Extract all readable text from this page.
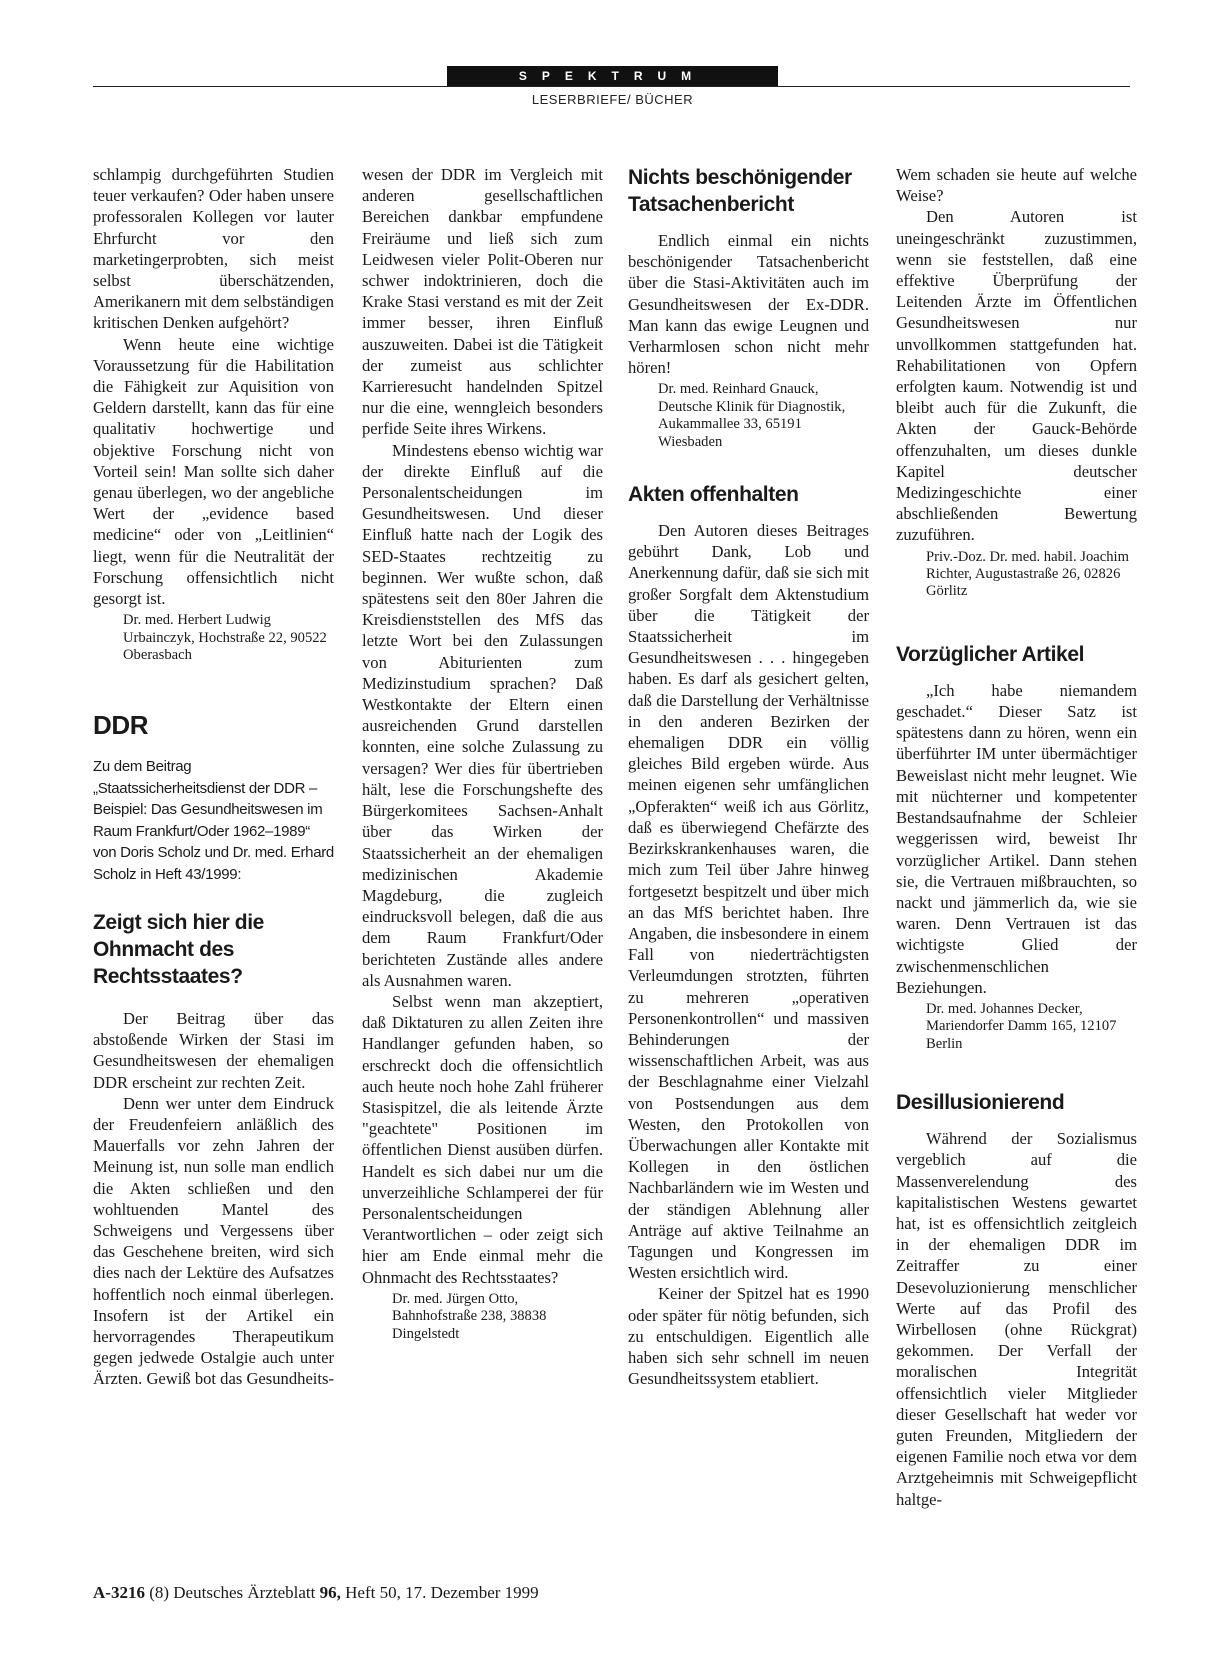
SPEKTRUM
LESERBRIEFE/ BÜCHER

schlampig durchgeführten Studien teuer verkaufen? Oder haben unsere professoralen Kollegen vor lauter Ehrfurcht vor den marketingerprobten, sich meist selbst überschätzenden, Amerikanern mit dem selbständigen kritischen Denken aufgehört?

Wenn heute eine wichtige Voraussetzung für die Habilitation die Fähigkeit zur Aquisition von Geldern darstellt, kann das für eine qualitativ hochwertige und objektive Forschung nicht von Vorteil sein! Man sollte sich daher genau überlegen, wo der angebliche Wert der „evidence based medicine“ oder von „Leitlinien“ liegt, wenn für die Neutralität der Forschung offensichtlich nicht gesorgt ist.

Dr. med. Herbert Ludwig Urbainczyk, Hochstraße 22, 90522 Oberasbach

DDR
Zu dem Beitrag „Staatssicherheitsdienst der DDR – Beispiel: Das Gesundheitswesen im Raum Frankfurt/Oder 1962–1989“ von Doris Scholz und Dr. med. Erhard Scholz in Heft 43/1999:
Zeigt sich hier die Ohnmacht des Rechtsstaates?

Der Beitrag über das abstoßende Wirken der Stasi im Gesundheitswesen der ehemaligen DDR erscheint zur rechten Zeit.

Denn wer unter dem Eindruck der Freudenfeiern anläßlich des Mauerfalls vor zehn Jahren der Meinung ist, nun solle man endlich die Akten schließen und den wohltuenden Mantel des Schweigens und Vergessens über das Geschehene breiten, wird sich dies nach der Lektüre des Aufsatzes hoffentlich noch einmal überlegen. Insofern ist der Artikel ein hervorragendes Therapeutikum gegen jedwede Ostalgie auch unter Ärzten. Gewiß bot das Gesundheits-

wesen der DDR im Vergleich mit anderen gesellschaftlichen Bereichen dankbar empfundene Freiräume und ließ sich zum Leidwesen vieler Polit-Oberen nur schwer indoktrinieren, doch die Krake Stasi verstand es mit der Zeit immer besser, ihren Einfluß auszuweiten. Dabei ist die Tätigkeit der zumeist aus schlichter Karrieresucht handelnden Spitzel nur die eine, wenngleich besonders perfide Seite ihres Wirkens.

Mindestens ebenso wichtig war der direkte Einfluß auf die Personalentscheidungen im Gesundheitswesen. Und dieser Einfluß hatte nach der Logik des SED-Staates rechtzeitig zu beginnen. Wer wußte schon, daß spätestens seit den 80er Jahren die Kreisdienststellen des MfS das letzte Wort bei den Zulassungen von Abiturienten zum Medizinstudium sprachen? Daß Westkontakte der Eltern einen ausreichenden Grund darstellen konnten, eine solche Zulassung zu versagen? Wer dies für übertrieben hält, lese die Forschungshefte des Bürgerkomitees Sachsen-Anhalt über das Wirken der Staatssicherheit an der ehemaligen medizinischen Akademie Magdeburg, die zugleich eindrucksvoll belegen, daß die aus dem Raum Frankfurt/Oder berichteten Zustände alles andere als Ausnahmen waren.

Selbst wenn man akzeptiert, daß Diktaturen zu allen Zeiten ihre Handlanger gefunden haben, so erschreckt doch die offensichtlich auch heute noch hohe Zahl früherer Stasispitzel, die als leitende Ärzte "geachtete" Positionen im öffentlichen Dienst ausüben dürfen. Handelt es sich dabei nur um die unverzeihliche Schlamperei der für Personalentscheidungen Verantwortlichen – oder zeigt sich hier am Ende einmal mehr die Ohnmacht des Rechtsstaates?

Dr. med. Jürgen Otto, Bahnhofstraße 238, 38838 Dingelstedt

Nichts beschönigender Tatsachenbericht

Endlich einmal ein nichts beschönigender Tatsachenbericht über die Stasi-Aktivitäten auch im Gesundheitswesen der Ex-DDR. Man kann das ewige Leugnen und Verharmlosen schon nicht mehr hören!

Dr. med. Reinhard Gnauck, Deutsche Klinik für Diagnostik, Aukammallee 33, 65191 Wiesbaden

Akten offenhalten

Den Autoren dieses Beitrages gebührt Dank, Lob und Anerkennung dafür, daß sie sich mit großer Sorgfalt dem Aktenstudium über die Tätigkeit der Staatssicherheit im Gesundheitswesen . . . hingegeben haben. Es darf als gesichert gelten, daß die Darstellung der Verhältnisse in den anderen Bezirken der ehemaligen DDR ein völlig gleiches Bild ergeben würde. Aus meinen eigenen sehr umfänglichen „Opferakten“ weiß ich aus Görlitz, daß es überwiegend Chefärzte des Bezirkskrankenhauses waren, die mich zum Teil über Jahre hinweg fortgesetzt bespitzelt und über mich an das MfS berichtet haben. Ihre Angaben, die insbesondere in einem Fall von niederträchtigsten Verleumdungen strotzten, führten zu mehreren „operativen Personenkontrollen“ und massiven Behinderungen der wissenschaftlichen Arbeit, was aus der Beschlagnahme einer Vielzahl von Postsendungen aus dem Westen, den Protokollen von Überwachungen aller Kontakte mit Kollegen in den östlichen Nachbarländern wie im Westen und der ständigen Ablehnung aller Anträge auf aktive Teilnahme an Tagungen und Kongressen im Westen ersichtlich wird.

Keiner der Spitzel hat es 1990 oder später für nötig befunden, sich zu entschuldigen. Eigentlich alle haben sich sehr schnell im neuen Gesundheitssystem etabliert.

Wem schaden sie heute auf welche Weise?

Den Autoren ist uneingeschränkt zuzustimmen, wenn sie feststellen, daß eine effektive Überprüfung der Leitenden Ärzte im Öffentlichen Gesundheitswesen nur unvollkommen stattgefunden hat. Rehabilitationen von Opfern erfolgten kaum. Notwendig ist und bleibt auch für die Zukunft, die Akten der Gauck-Behörde offenzuhalten, um dieses dunkle Kapitel deutscher Medizingeschichte einer abschließenden Bewertung zuzuführen.

Priv.-Doz. Dr. med. habil. Joachim Richter, Augustastraße 26, 02826 Görlitz

Vorzüglicher Artikel

„Ich habe niemandem geschadet.“ Dieser Satz ist spätestens dann zu hören, wenn ein überführter IM unter übermächtiger Beweislast nicht mehr leugnet. Wie mit nüchterner und kompetenter Bestandsaufnahme der Schleier weggerissen wird, beweist Ihr vorzüglicher Artikel. Dann stehen sie, die Vertrauen mißbrauchten, so nackt und jämmerlich da, wie sie waren. Denn Vertrauen ist das wichtigste Glied der zwischenmenschlichen Beziehungen.

Dr. med. Johannes Decker, Mariendorfer Damm 165, 12107 Berlin

Desillusionierend

Während der Sozialismus vergeblich auf die Massenverelendung des kapitalistischen Westens gewartet hat, ist es offensichtlich zeitgleich in der ehemaligen DDR im Zeitraffer zu einer Desevoluzionierung menschlicher Werte auf das Profil des Wirbellosen (ohne Rückgrat) gekommen. Der Verfall der moralischen Integrität offensichtlich vieler Mitglieder dieser Gesellschaft hat weder vor guten Freunden, Mitgliedern der eigenen Familie noch etwa vor dem Arztgeheimnis mit Schweigepflicht haltge-

A-3216 (8) Deutsches Ärzteblatt 96, Heft 50, 17. Dezember 1999
